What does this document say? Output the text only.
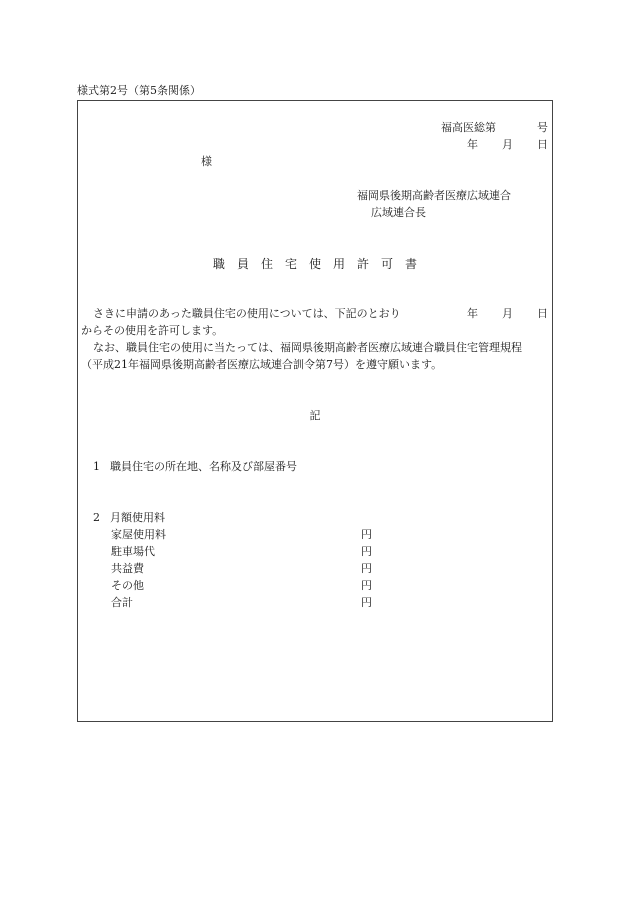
様式第2号（第5条関係）
福高医総第	号
年 月 日
様
福岡県後期高齢者医療広域連合
広域連合長
職 員 住 宅 使 用 許 可 書
さきに申請のあった職員住宅の使用については、下記のとおり	年 月 日
からその使用を許可します。
なお、職員住宅の使用に当たっては、福岡県後期高齢者医療広域連合職員住宅管理規程
（平成21年福岡県後期高齢者医療広域連合訓令第7号）を遵守願います。
記
1 職員住宅の所在地、名称及び部屋番号
2 月額使用料
家屋使用料	円
駐車場代	円
共益費	円
その他	円
合計	円
